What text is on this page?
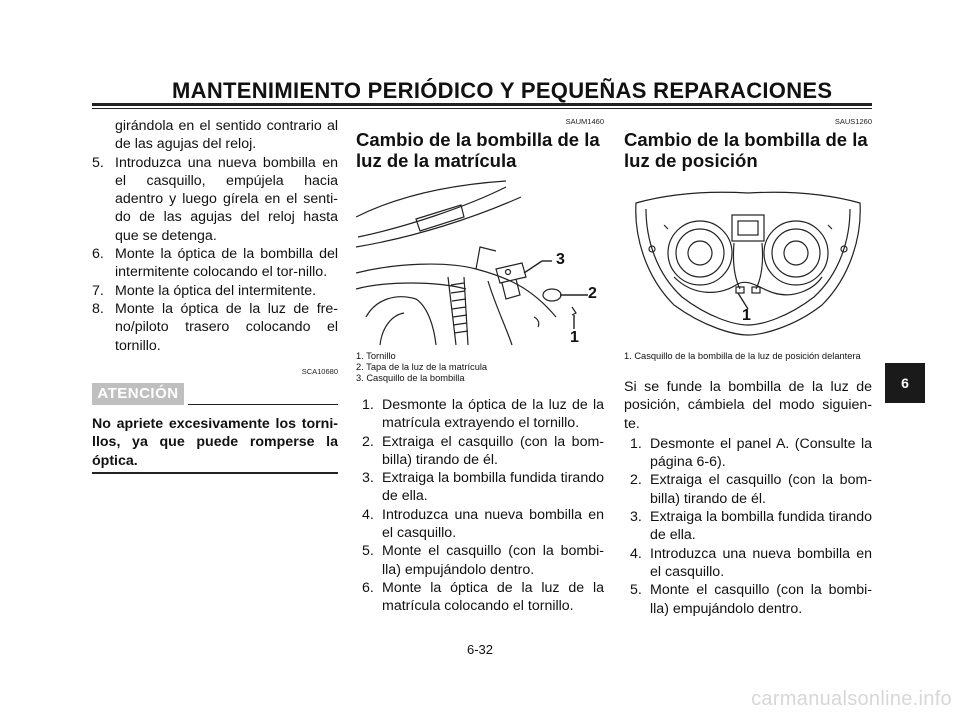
MANTENIMIENTO PERIÓDICO Y PEQUEÑAS REPARACIONES

girándola en el sentido contrario al de las agujas del reloj.

5. Introduzca una nueva bombilla en el casquillo, empújela hacia adentro y luego gírela en el senti-do de las agujas del reloj hasta que se detenga.
6. Monte la óptica de la bombilla del intermitente colocando el tor-nillo.
7. Monte la óptica del intermitente.
8. Monte la óptica de la luz de fre-no/piloto trasero colocando el tornillo.
SCA10680
ATENCIÓN

No apriete excesivamente los torni-llos, ya que puede romperse la óptica.

SAUM1460
Cambio de la bombilla de la luz de la matrícula
3
2
1
1. Tornillo
2. Tapa de la luz de la matrícula
3. Casquillo de la bombilla
1. Desmonte la óptica de la luz de la matrícula extrayendo el tornillo.
2. Extraiga el casquillo (con la bom-billa) tirando de él.
3. Extraiga la bombilla fundida tirando de ella.
4. Introduzca una nueva bombilla en el casquillo.
5. Monte el casquillo (con la bombi-lla) empujándolo dentro.
6. Monte la óptica de la luz de la matrícula colocando el tornillo.
SAUS1260
Cambio de la bombilla de la luz de posición
1
1. Casquillo de la bombilla de la luz de posición delantera

Si se funde la bombilla de la luz de posición, cámbiela del modo siguien-te.

1. Desmonte el panel A. (Consulte la página 6-6).
2. Extraiga el casquillo (con la bom-billa) tirando de él.
3. Extraiga la bombilla fundida tirando de ella.
4. Introduzca una nueva bombilla en el casquillo.
5. Monte el casquillo (con la bombi-lla) empujándolo dentro.
6-32
6
carmanualsonline.info
